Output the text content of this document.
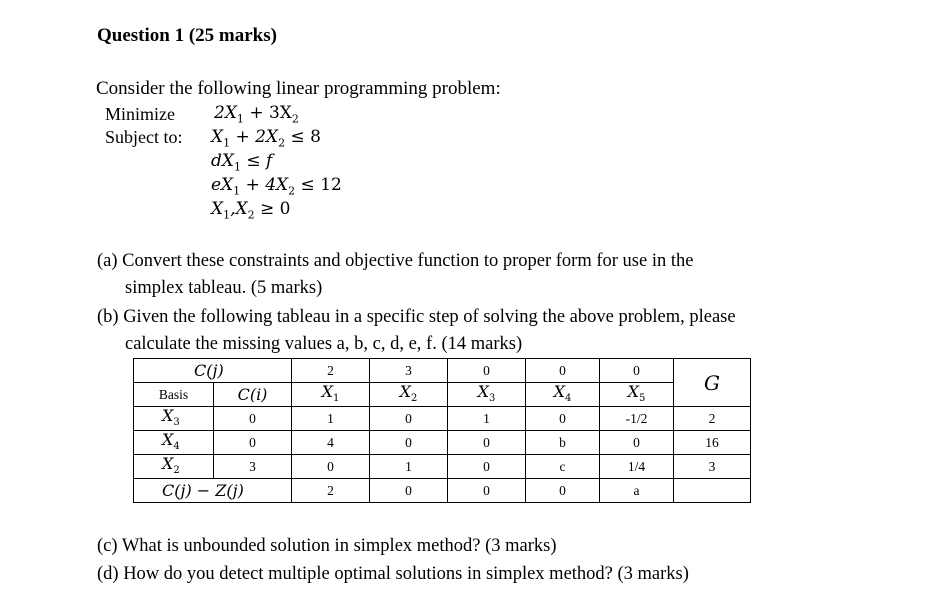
Question 1 (25 marks)
Consider the following linear programming problem:
Minimize $2X_1 + 3X_2$
Subject to: $X_1 + 2X_2 \le 8$
$dX_1 \le f$
$eX_1 + 4X_2 \le 12$
$X_1,X_2 \ge 0$
(a) Convert these constraints and objective function to proper form for use in the
simplex tableau. (5 marks)
(b) Given the following tableau in a specific step of solving the above problem, please
calculate the missing values a, b, c, d, e, f. (14 marks)
C(j)		2	3	0	0	0	G
Basis	C(i)	$X_1$	$X_2$	$X_3$	$X_4$	$X_5$
$X_3$	0	1	0	1	0	-1/2	2
$X_4$	0	4	0	0	b	0	16
$X_2$	3	0	1	0	c	1/4	3
C(j) − Z(j)		2	0	0	0	a	
(c) What is unbounded solution in simplex method? (3 marks)
(d) How do you detect multiple optimal solutions in simplex method? (3 marks)
